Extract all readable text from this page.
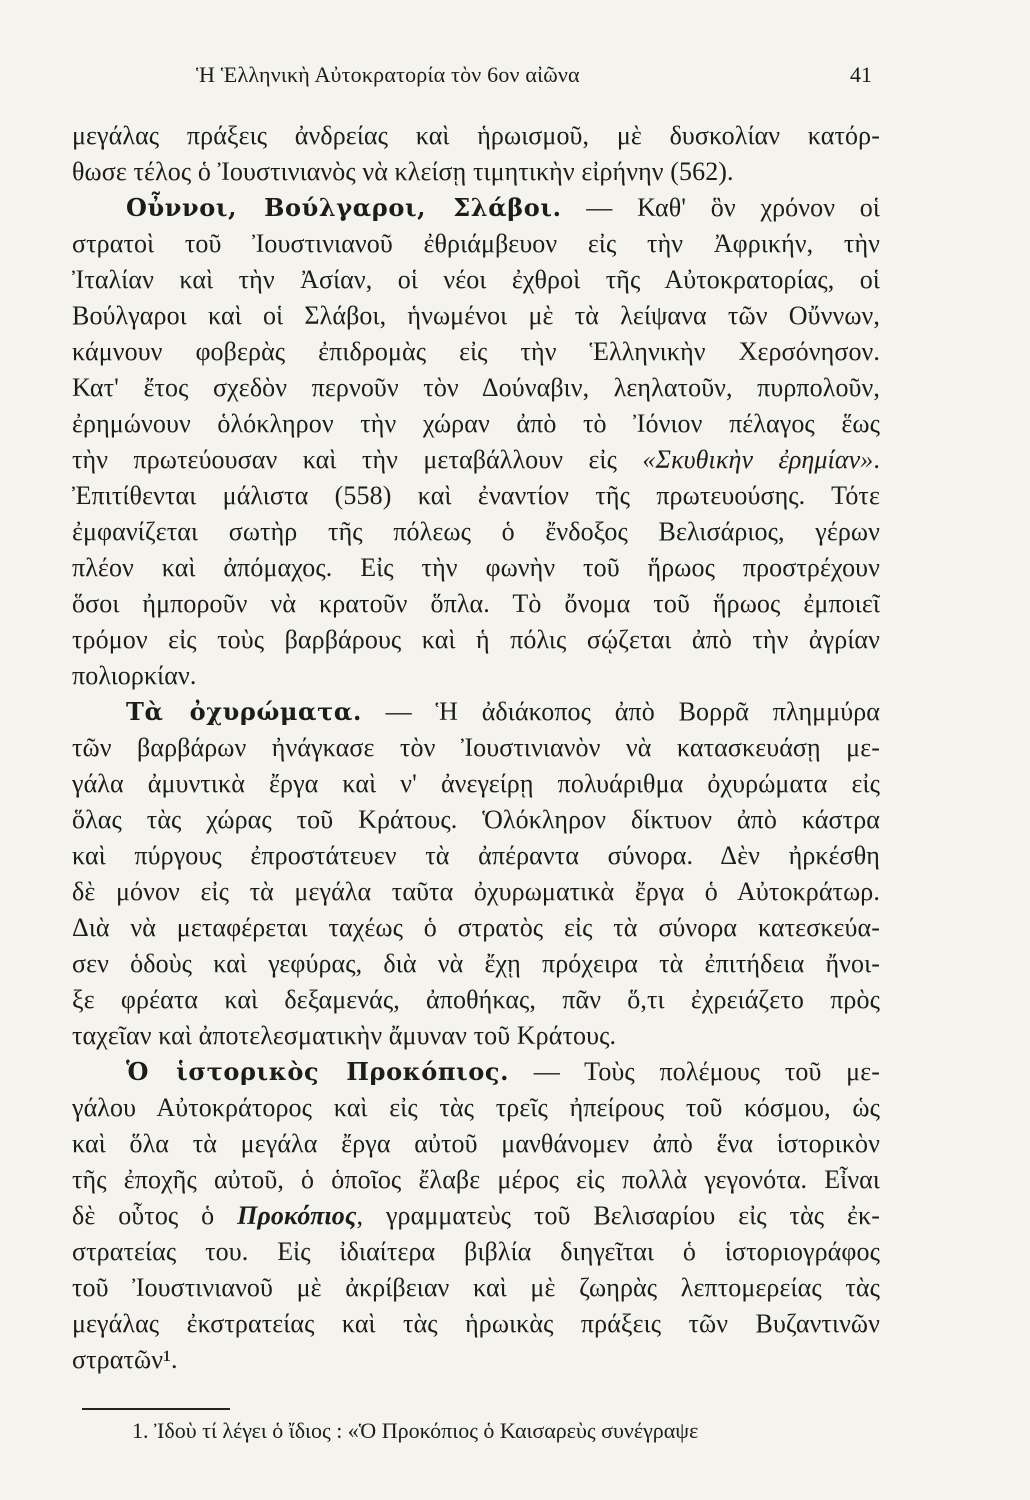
Ἡ Ἑλληνικὴ Αὐτοκρατορία τὸν 6ον αἰῶνα	41
μεγάλας πράξεις ἀνδρείας καὶ ἡρωισμοῦ, μὲ δυσκολίαν κατόρ-
θωσε τέλος ὁ Ἰουστινιανὸς νὰ κλείσῃ τιμητικὴν εἰρήνην (562).
Οὖννοι, Βούλγαροι, Σλάβοι. — Καθ' ὃν χρόνον οἱ
στρατοὶ τοῦ Ἰουστινιανοῦ ἐθριάμβευον εἰς τὴν Ἀφρικήν, τὴν
Ἰταλίαν καὶ τὴν Ἀσίαν, οἱ νέοι ἐχθροὶ τῆς Αὐτοκρατορίας, οἱ
Βούλγαροι καὶ οἱ Σλάβοι, ἡνωμένοι μὲ τὰ λείψανα τῶν Οὔννων,
κάμνουν φοβερὰς ἐπιδρομὰς εἰς τὴν Ἑλληνικὴν Χερσόνησον.
Κατ' ἔτος σχεδὸν περνοῦν τὸν Δούναβιν, λεηλατοῦν, πυρπολοῦν,
ἐρημώνουν ὁλόκληρον τὴν χώραν ἀπὸ τὸ Ἰόνιον πέλαγος ἕως
τὴν πρωτεύουσαν καὶ τὴν μεταβάλλουν εἰς «Σκυθικὴν ἐρημίαν».
Ἐπιτίθενται μάλιστα (558) καὶ ἐναντίον τῆς πρωτευούσης. Τότε
ἐμφανίζεται σωτὴρ τῆς πόλεως ὁ ἔνδοξος Βελισάριος, γέρων
πλέον καὶ ἀπόμαχος. Εἰς τὴν φωνὴν τοῦ ἥρωος προστρέχουν
ὅσοι ἠμποροῦν νὰ κρατοῦν ὅπλα. Τὸ ὄνομα τοῦ ἥρωος ἐμποιεῖ
τρόμον εἰς τοὺς βαρβάρους καὶ ἡ πόλις σῴζεται ἀπὸ τὴν ἀγρίαν
πολιορκίαν.
Τὰ ὀχυρώματα. — Ἡ ἀδιάκοπος ἀπὸ Βορρᾶ πλημμύρα
τῶν βαρβάρων ἠνάγκασε τὸν Ἰουστινιανὸν νὰ κατασκευάσῃ με-
γάλα ἀμυντικὰ ἔργα καὶ ν' ἀνεγείρῃ πολυάριθμα ὀχυρώματα εἰς
ὅλας τὰς χώρας τοῦ Κράτους. Ὁλόκληρον δίκτυον ἀπὸ κάστρα
καὶ πύργους ἐπροστάτευεν τὰ ἀπέραντα σύνορα. Δὲν ἠρκέσθη
δὲ μόνον εἰς τὰ μεγάλα ταῦτα ὀχυρωματικὰ ἔργα ὁ Αὐτοκράτωρ.
Διὰ νὰ μεταφέρεται ταχέως ὁ στρατὸς εἰς τὰ σύνορα κατεσκεύα-
σεν ὁδοὺς καὶ γεφύρας, διὰ νὰ ἔχῃ πρόχειρα τὰ ἐπιτήδεια ἤνοι-
ξε φρέατα καὶ δεξαμενάς, ἀποθήκας, πᾶν ὅ,τι ἐχρειάζετο πρὸς
ταχεῖαν καὶ ἀποτελεσματικὴν ἄμυναν τοῦ Κράτους.
Ὁ ἱστορικὸς Προκόπιος. — Τοὺς πολέμους τοῦ με-
γάλου Αὐτοκράτορος καὶ εἰς τὰς τρεῖς ἠπείρους τοῦ κόσμου, ὡς
καὶ ὅλα τὰ μεγάλα ἔργα αὐτοῦ μανθάνομεν ἀπὸ ἕνα ἱστορικὸν
τῆς ἐποχῆς αὐτοῦ, ὁ ὁποῖος ἔλαβε μέρος εἰς πολλὰ γεγονότα. Εἶναι
δὲ οὗτος ὁ Προκόπιος, γραμματεὺς τοῦ Βελισαρίου εἰς τὰς ἐκ-
στρατείας του. Εἰς ἰδιαίτερα βιβλία διηγεῖται ὁ ἱστοριογράφος
τοῦ Ἰουστινιανοῦ μὲ ἀκρίβειαν καὶ μὲ ζωηρὰς λεπτομερείας τὰς
μεγάλας ἐκστρατείας καὶ τὰς ἡρωικὰς πράξεις τῶν Βυζαντινῶν
στρατῶν¹.
1. Ἰδοὺ τί λέγει ὁ ἴδιος : «Ὁ Προκόπιος ὁ Καισαρεὺς συνέγραψε
